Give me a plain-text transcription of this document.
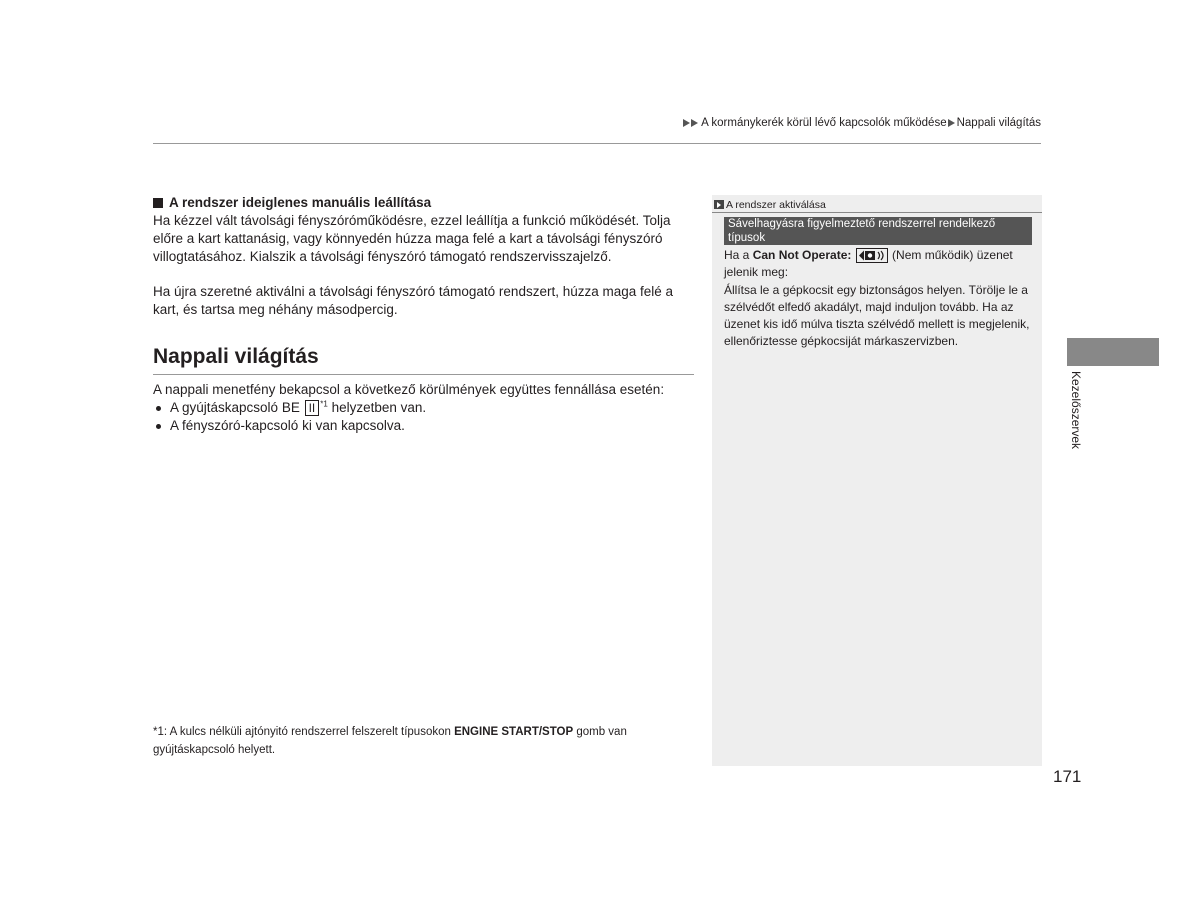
A kormánykerék körül lévő kapcsolók működése Nappali világítás
A rendszer ideiglenes manuális leállítása

Ha kézzel vált távolsági fényszóróműködésre, ezzel leállítja a funkció működését. Tolja előre a kart kattanásig, vagy könnyedén húzza maga felé a kart a távolsági fényszóró villogtatásához. Kialszik a távolsági fényszóró támogató rendszervisszajelző.

Ha újra szeretné aktiválni a távolsági fényszóró támogató rendszert, húzza maga felé a kart, és tartsa meg néhány másodpercig.

Nappali világítás
A nappali menetfény bekapcsol a következő körülmények együttes fennállása esetén:
A gyújtáskapcsoló BE II $^{*1}$ helyzetben van.
A fényszóró-kapcsoló ki van kapcsolva.
*1: A kulcs nélküli ajtónyitó rendszerrel felszerelt típusokon ENGINE START/STOP gomb van gyújtáskapcsoló helyett.
A rendszer aktiválása
Sávelhagyásra figyelmeztető rendszerrel rendelkező típusok

Ha a Can Not Operate:	(Nem működik) üzenet jelenik meg:

Állítsa le a gépkocsit egy biztonságos helyen. Törölje le a szélvédőt elfedő akadályt, majd induljon tovább. Ha az üzenet kis idő múlva tiszta szélvédő mellett is megjelenik, ellenőriztesse gépkocsiját márkaszervizben.

Kezelőszervek
171
